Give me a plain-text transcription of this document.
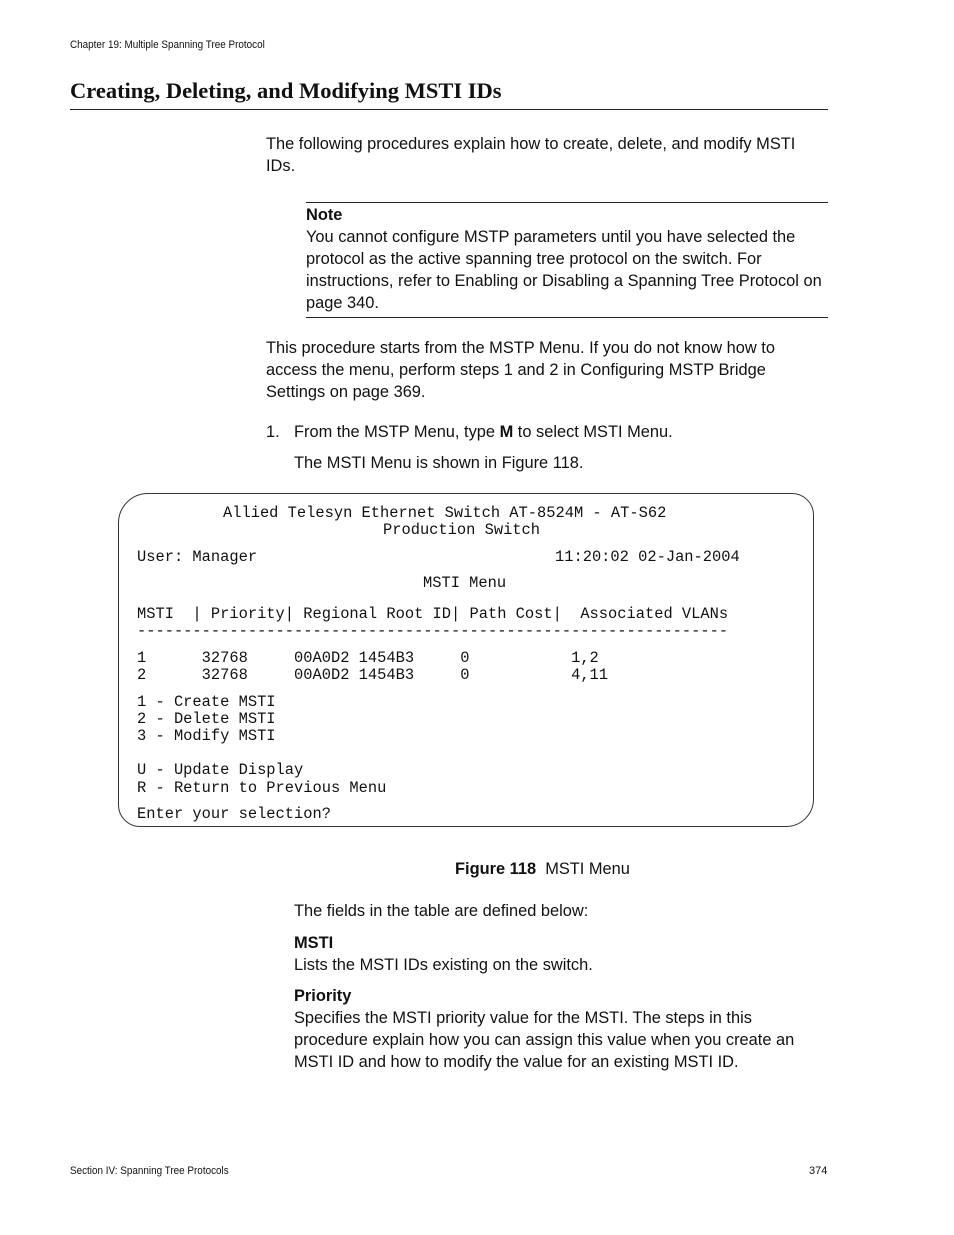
Chapter 19: Multiple Spanning Tree Protocol
Creating, Deleting, and Modifying MSTI IDs
The following procedures explain how to create, delete, and modify MSTI IDs.
Note
You cannot configure MSTP parameters until you have selected the protocol as the active spanning tree protocol on the switch. For instructions, refer to Enabling or Disabling a Spanning Tree Protocol on page 340.
This procedure starts from the MSTP Menu. If you do not know how to access the menu, perform steps 1 and 2 in Configuring MSTP Bridge Settings on page 369.
1. From the MSTP Menu, type M to select MSTI Menu.
The MSTI Menu is shown in Figure 118.
Allied Telesyn Ethernet Switch AT-8524M - AT-S62
Production Switch
User: Manager	11:20:02 02-Jan-2004
MSTI Menu
MSTI  | Priority| Regional Root ID| Path Cost|  Associated VLANs
----------------------------------------------------------------
1      32768     00A0D2 1454B3     0           1,2
2      32768     00A0D2 1454B3     0           4,11
1 - Create MSTI
2 - Delete MSTI
3 - Modify MSTI
U - Update Display
R - Return to Previous Menu
Enter your selection?
Figure 118 MSTI Menu
The fields in the table are defined below:
MSTI
Lists the MSTI IDs existing on the switch.
Priority
Specifies the MSTI priority value for the MSTI. The steps in this procedure explain how you can assign this value when you create an MSTI ID and how to modify the value for an existing MSTI ID.
Section IV: Spanning Tree Protocols	374
